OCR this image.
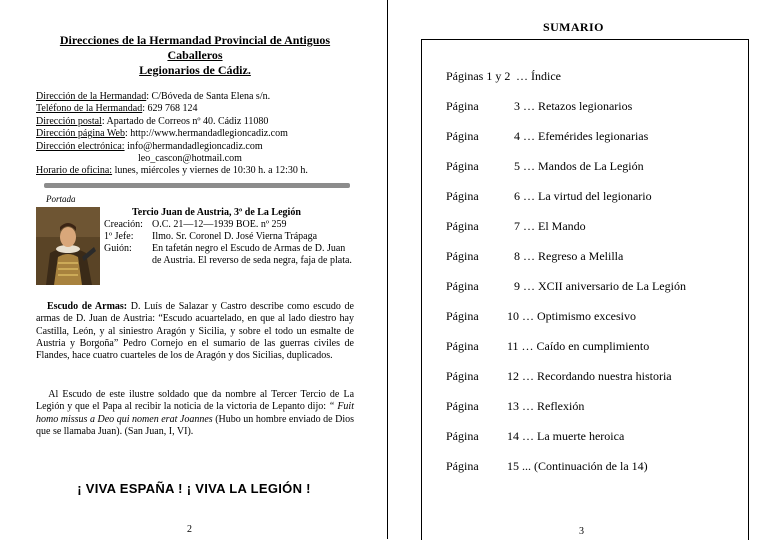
Direcciones de la Hermandad Provincial de Antiguos
Caballeros
Legionarios de Cádiz.
Dirección de la Hermandad: C/Bóveda de Santa Elena s/n.
Teléfono de la Hermandad: 629 768 124
Dirección postal: Apartado de Correos nº 40. Cádiz 11080
Dirección página Web: http://www.hermandadlegioncadiz.com
Dirección electrónica: info@hermandadlegioncadiz.com
leo_cascon@hotmail.com
Horario de oficina: lunes, miércoles y viernes de 10:30 h. a 12:30 h.
Portada
Tercio Juan de Austria, 3º de La Legión
Creación: O.C. 21—12—1939 BOE. nº 259
1º Jefe:	Ilmo. Sr. Coronel D. José Vierna Trápaga
Guión:	En tafetán negro el Escudo de Armas de D. Juan de Austria. El reverso de seda negra, faja de plata.
Escudo de Armas: D. Luís de Salazar y Castro describe como escudo de armas de D. Juan de Austria: “Escudo acuartelado, en que al lado diestro hay Castilla, León, y al siniestro Aragón y Sicilia, y sobre el todo un esmalte de Austria y Borgoña” Pedro Cornejo en el sumario de las guerras civiles de Flandes, hace cuatro cuarteles de los de Aragón y dos Sicilias, duplicados.
Al Escudo de este ilustre soldado que da nombre al Tercer Tercio de La Legión y que el Papa al recibir la noticia de la victoria de Lepanto dijo: “ Fuit homo missus a Deo qui nomen erat Joannes (Hubo un hombre enviado de Dios que se llamaba Juan). (San Juan, I, VI).
¡ VIVA ESPAÑA ! ¡ VIVA LA LEGIÓN !
2
SUMARIO
Páginas 1 y 2 … Índice
Página	3 … Retazos legionarios
Página	4 … Efemérides legionarias
Página	5 … Mandos de La Legión
Página	6 … La virtud del legionario
Página	7 … El Mando
Página	8 … Regreso a Melilla
Página	9 … XCII aniversario de La Legión
Página 10 … Optimismo excesivo
Página 11 … Caído en cumplimiento
Página 12 … Recordando nuestra historia
Página 13 … Reflexión
Página 14 … La muerte heroica
Página 15 ... (Continuación de la 14)
3
